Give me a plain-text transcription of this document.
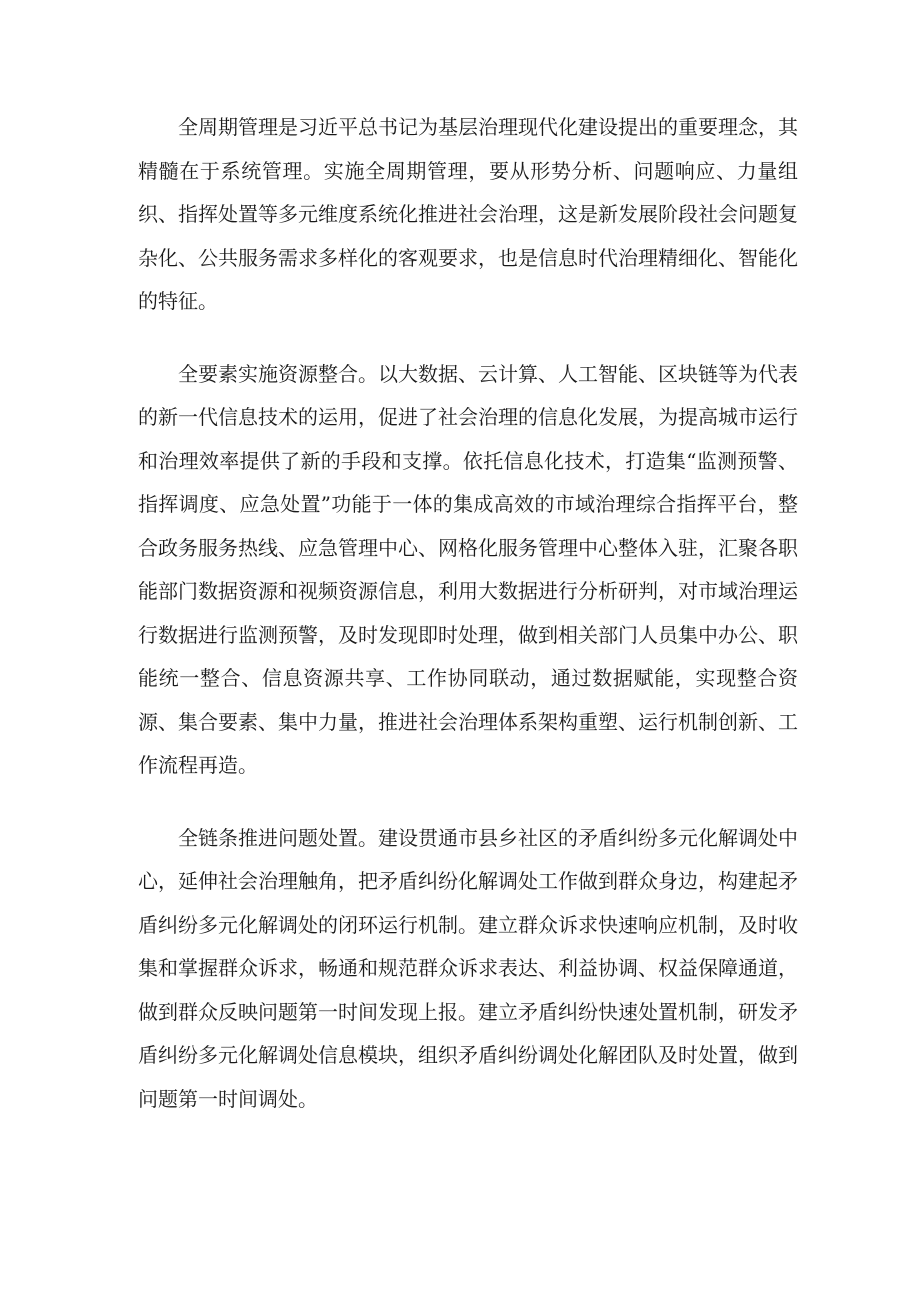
全周期管理是习近平总书记为基层治理现代化建设提出的重要理念，其精髓在于系统管理。实施全周期管理，要从形势分析、问题响应、力量组织、指挥处置等多元维度系统化推进社会治理，这是新发展阶段社会问题复杂化、公共服务需求多样化的客观要求，也是信息时代治理精细化、智能化的特征。

全要素实施资源整合。以大数据、云计算、人工智能、区块链等为代表的新一代信息技术的运用，促进了社会治理的信息化发展，为提高城市运行和治理效率提供了新的手段和支撑。依托信息化技术，打造集“监测预警、指挥调度、应急处置”功能于一体的集成高效的市域治理综合指挥平台，整合政务服务热线、应急管理中心、网格化服务管理中心整体入驻，汇聚各职能部门数据资源和视频资源信息，利用大数据进行分析研判，对市域治理运行数据进行监测预警，及时发现即时处理，做到相关部门人员集中办公、职能统一整合、信息资源共享、工作协同联动，通过数据赋能，实现整合资源、集合要素、集中力量，推进社会治理体系架构重塑、运行机制创新、工作流程再造。

全链条推进问题处置。建设贯通市县乡社区的矛盾纠纷多元化解调处中心，延伸社会治理触角，把矛盾纠纷化解调处工作做到群众身边，构建起矛盾纠纷多元化解调处的闭环运行机制。建立群众诉求快速响应机制，及时收集和掌握群众诉求，畅通和规范群众诉求表达、利益协调、权益保障通道，做到群众反映问题第一时间发现上报。建立矛盾纠纷快速处置机制，研发矛盾纠纷多元化解调处信息模块，组织矛盾纠纷调处化解团队及时处置，做到问题第一时间调处。
